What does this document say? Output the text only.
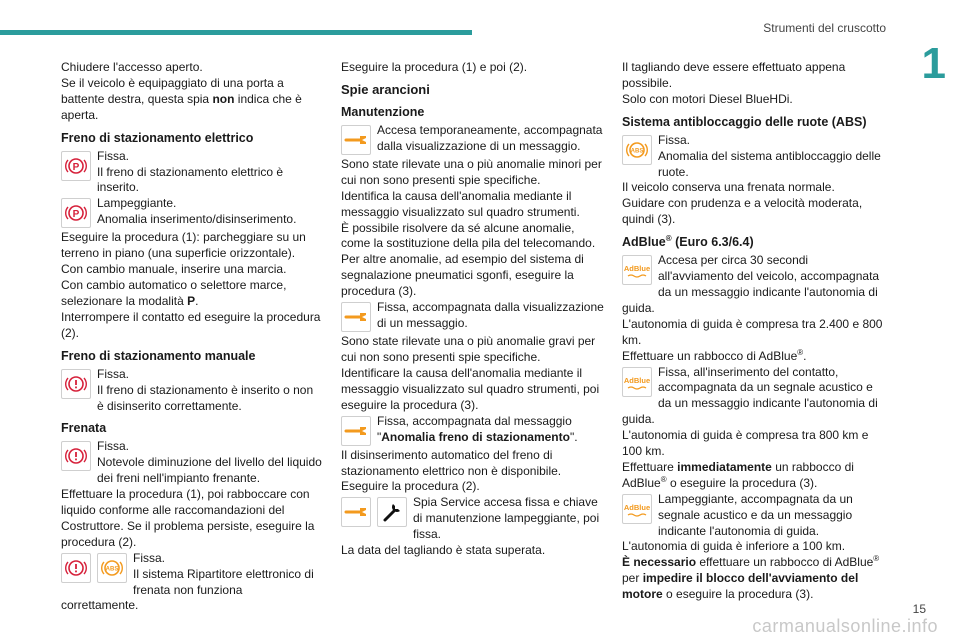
Strumenti del cruscotto
1

Chiudere l'accesso aperto.

Se il veicolo è equipaggiato di una porta a battente destra, questa spia non indica che è aperta.

Freno di stazionamento elettrico
P

Fissa.

Il freno di stazionamento elettrico è inserito.

P

Lampeggiante.

Anomalia inserimento/disinserimento.

Eseguire la procedura (1): parcheggiare su un terreno in piano (una superficie orizzontale).

Con cambio manuale, inserire una marcia.

Con cambio automatico o selettore marce, selezionare la modalità P.

Interrompere il contatto ed eseguire la procedura (2).

Freno di stazionamento manuale

Fissa.

Il freno di stazionamento è inserito o non è disinserito correttamente.

Frenata

Fissa.

Notevole diminuzione del livello del liquido dei freni nell'impianto frenante.

Effettuare la procedura (1), poi rabboccare con liquido conforme alle raccomandazioni del Costruttore. Se il problema persiste, eseguire la procedura (2).

ABS

Fissa.

Il sistema Ripartitore elettronico di frenata non funziona correttamente.

Eseguire la procedura (1) e poi (2).

Spie arancioni
Manutenzione

Accesa temporaneamente, accompagnata dalla visualizzazione di un messaggio.

Sono state rilevate una o più anomalie minori per cui non sono presenti spie specifiche.

Identifica la causa dell'anomalia mediante il messaggio visualizzato sul quadro strumenti.

È possibile risolvere da sé alcune anomalie, come la sostituzione della pila del telecomando.

Per altre anomalie, ad esempio del sistema di segnalazione pneumatici sgonfi, eseguire la procedura (3).

Fissa, accompagnata dalla visualizzazione di un messaggio.

Sono state rilevate una o più anomalie gravi per cui non sono presenti spie specifiche.

Identificare la causa dell'anomalia mediante il messaggio visualizzato sul quadro strumenti, poi eseguire la procedura (3).

Fissa, accompagnata dal messaggio "Anomalia freno di stazionamento".

Il disinserimento automatico del freno di stazionamento elettrico non è disponibile.

Eseguire la procedura (2).

Spia Service accesa fissa e chiave di manutenzione lampeggiante, poi fissa.

La data del tagliando è stata superata.

Il tagliando deve essere effettuato appena possibile.

Solo con motori Diesel BlueHDi.

Sistema antibloccaggio delle ruote (ABS)
ABS

Fissa.

Anomalia del sistema antibloccaggio delle ruote.

Il veicolo conserva una frenata normale.

Guidare con prudenza e a velocità moderata, quindi (3).

AdBlue® (Euro 6.3/6.4)
AdBlue

Accesa per circa 30 secondi all'avviamento del veicolo, accompagnata da un messaggio indicante l'autonomia di guida.

L'autonomia di guida è compresa tra 2.400 e 800 km.

Effettuare un rabbocco di AdBlue®.

AdBlue

Fissa, all'inserimento del contatto, accompagnata da un segnale acustico e da un messaggio indicante l'autonomia di guida.

L'autonomia di guida è compresa tra 800 km e 100 km.

Effettuare immediatamente un rabbocco di AdBlue® o eseguire la procedura (3).

AdBlue

Lampeggiante, accompagnata da un segnale acustico e da un messaggio indicante l'autonomia di guida.

L'autonomia di guida è inferiore a 100 km.

È necessario effettuare un rabbocco di AdBlue® per impedire il blocco dell'avviamento del motore o eseguire la procedura (3).

15
carmanualsonline.info
